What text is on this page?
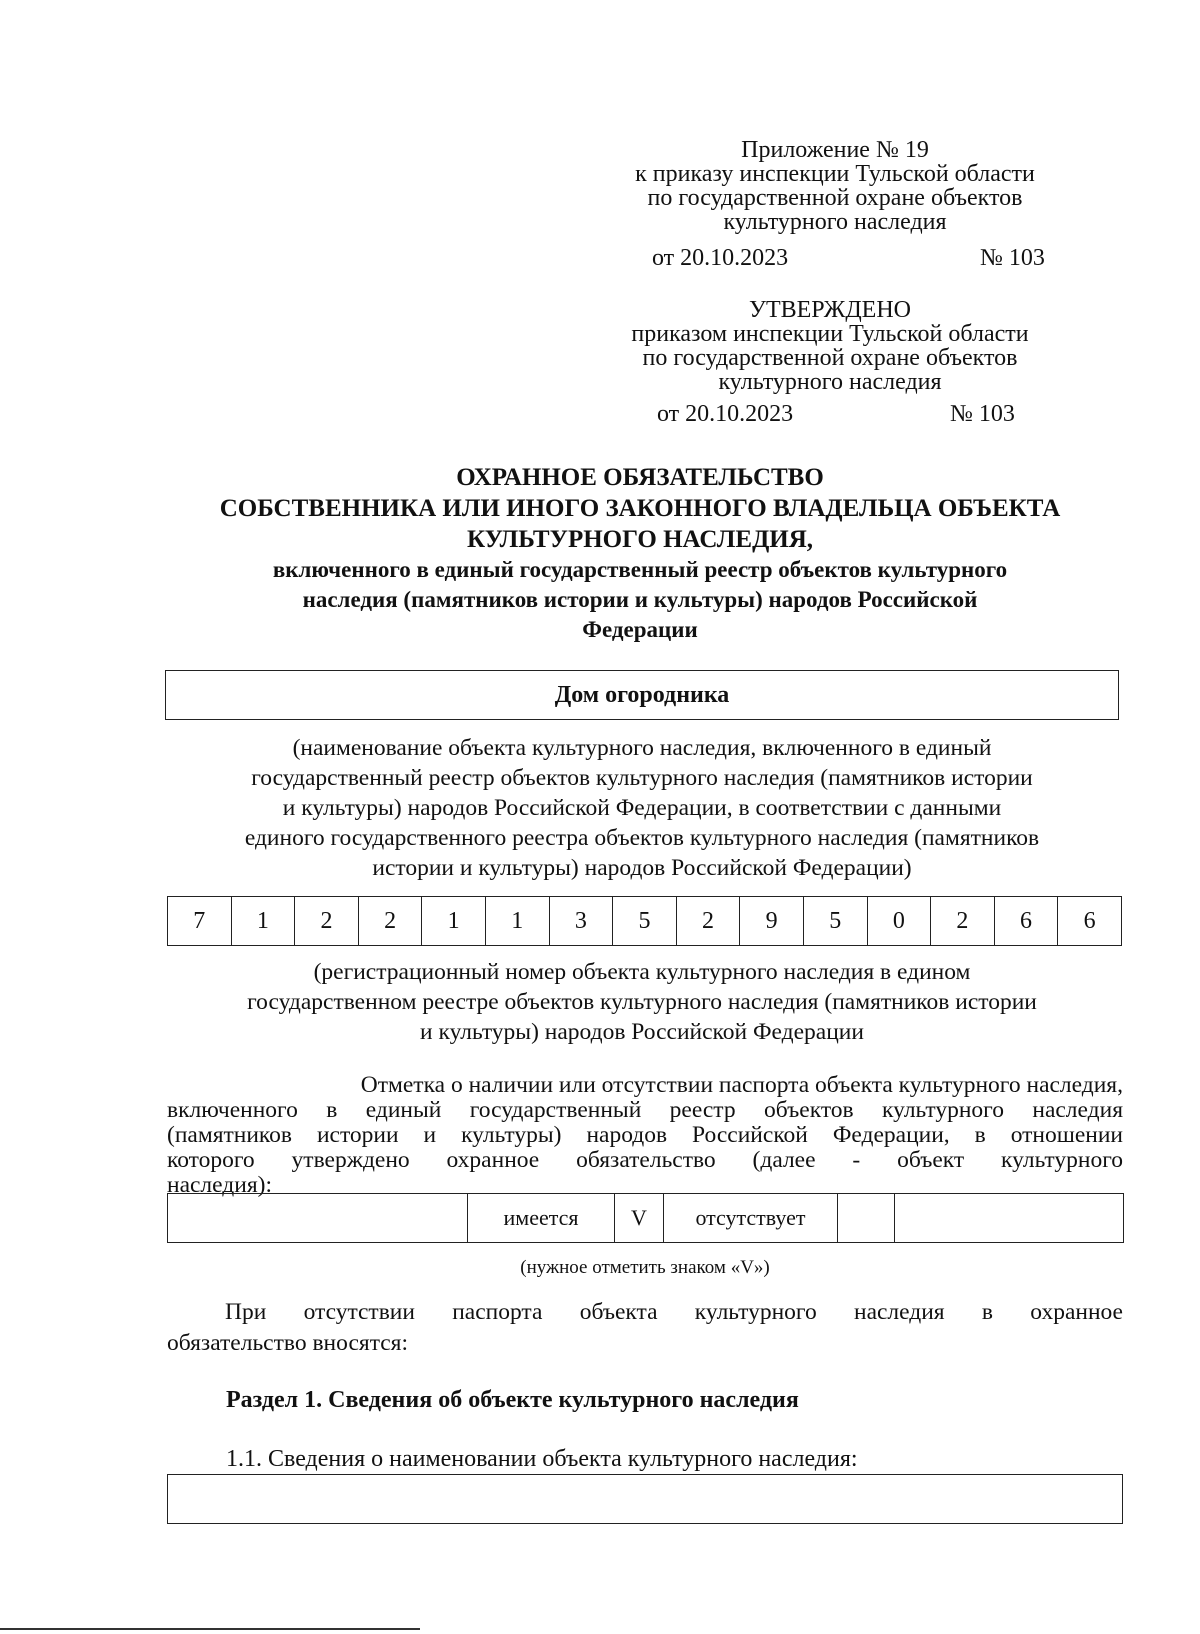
Приложение № 19
к приказу инспекции Тульской области
по государственной охране объектов
культурного наследия
от 20.10.2023	№ 103
УТВЕРЖДЕНО
приказом инспекции Тульской области
по государственной охране объектов
культурного наследия
от 20.10.2023	№ 103
ОХРАННОЕ ОБЯЗАТЕЛЬСТВО
СОБСТВЕННИКА ИЛИ ИНОГО ЗАКОННОГО ВЛАДЕЛЬЦА ОБЪЕКТА
КУЛЬТУРНОГО НАСЛЕДИЯ,
включенного в единый государственный реестр объектов культурного
наследия (памятников истории и культуры) народов Российской
Федерации
Дом огородника
(наименование объекта культурного наследия, включенного в единый
государственный реестр объектов культурного наследия (памятников истории
и культуры) народов Российской Федерации, в соответствии с данными
единого государственного реестра объектов культурного наследия (памятников
истории и культуры) народов Российской Федерации)
7	1	2	2	1	1	3	5	2	9	5	0	2	6	6
(регистрационный номер объекта культурного наследия в едином
государственном реестре объектов культурного наследия (памятников истории
и культуры) народов Российской Федерации
Отметка о наличии или отсутствии паспорта объекта культурного наследия,
включенного в единый государственный реестр объектов культурного наследия
(памятников истории и культуры) народов Российской Федерации, в отношении
которого утверждено охранное обязательство (далее - объект культурного
наследия):
	имеется	V	отсутствует		
(нужное отметить знаком «V»)
При отсутствии паспорта объекта культурного наследия в охранное
обязательство вносятся:
Раздел 1. Сведения об объекте культурного наследия
1.1. Сведения о наименовании объекта культурного наследия:
